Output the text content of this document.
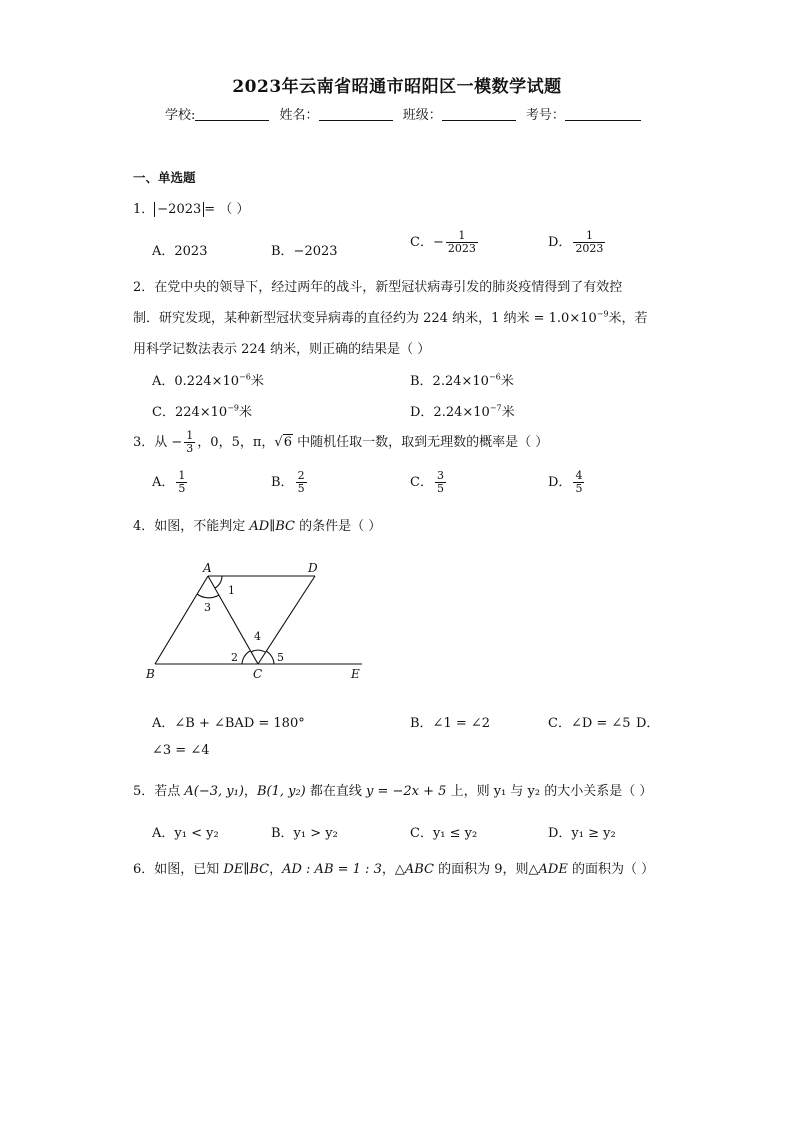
2023年云南省昭通市昭阳区一模数学试题
学校:	姓名：	班级：	考号：
一、单选题
1． −2023 = （ ）
A．2023	B．−2023
C．− $\frac{1}{2023}$	D． $\frac{1}{2023}$
2．在党中央的领导下，经过两年的战斗，新型冠状病毒引发的肺炎疫情得到了有效控
制．研究发现，某种新型冠状变异病毒的直径约为 224 纳米，1 纳米 = $1.0\times 10^{-9}$米，若
用科学记数法表示 224 纳米，则正确的结果是（ ）
A．$0.224\times 10^{-6}$米	B．$2.24\times 10^{-6}$米
C．$224\times 10^{-9}$米	D．$2.24\times 10^{-7}$米
3．从 − $\frac{1}{3}$ ，0，5，π，√6 中随机任取一数，取到无理数的概率是（ ）
A． $\frac{1}{5}$	B． $\frac{2}{5}$	C． $\frac{3}{5}$	D． $\frac{4}{5}$
4．如图，不能判定 AD∥BC 的条件是（ ）
A	D
B	C	E
1
3
4
2	5
A．∠B + ∠BAD = 180°	B．∠1 = ∠2	C．∠D = ∠5 D．
∠3 = ∠4
5．若点 A(−3, y₁)，B(1, y₂) 都在直线 y = −2x + 5 上，则 y₁ 与 y₂ 的大小关系是（ ）
A．y₁ < y₂	B．y₁ > y₂	C．y₁ ≤ y₂	D．y₁ ≥ y₂
6．如图，已知 DE∥BC，AD : AB = 1 : 3，△ABC 的面积为 9，则△ADE 的面积为（ ）
